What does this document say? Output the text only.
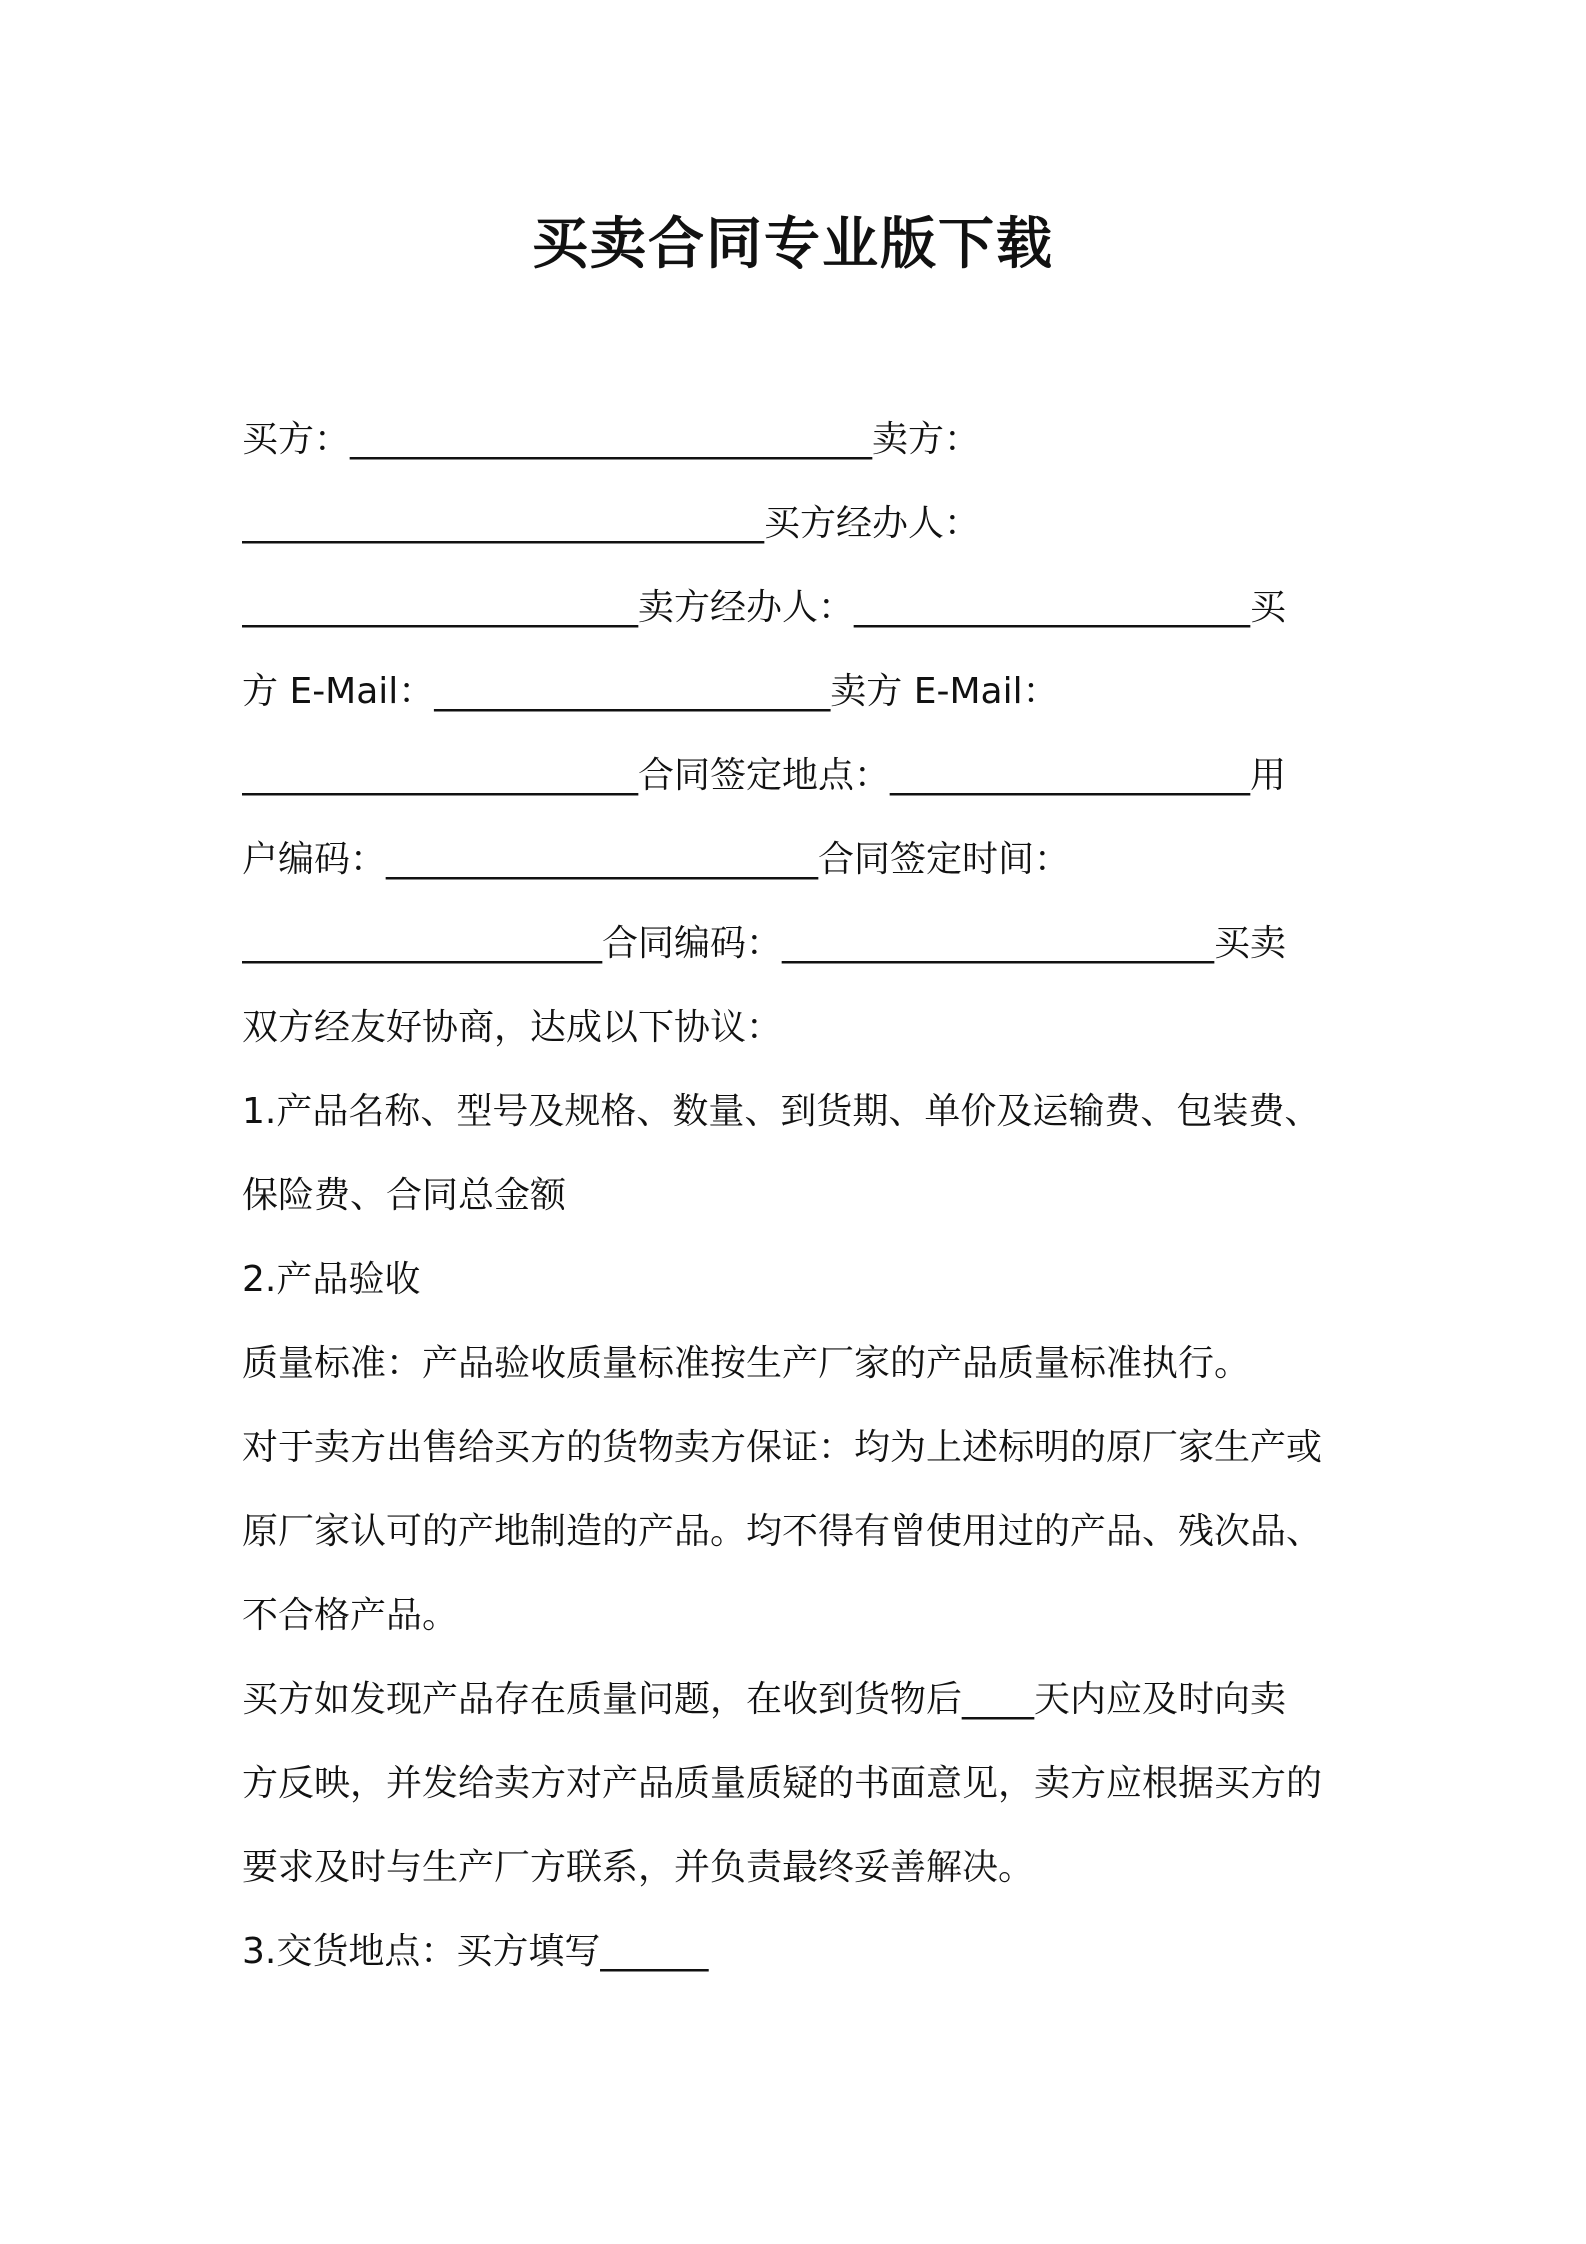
买卖合同专业版下载
买方：_____________________________卖方：
_____________________________买方经办人：
______________________卖方经办人：______________________买
方 E-Mail：______________________卖方 E-Mail：
______________________合同签定地点：____________________用
户编码：________________________合同签定时间：
____________________合同编码：________________________买卖
双方经友好协商，达成以下协议：
1.产品名称、型号及规格、数量、到货期、单价及运输费、包装费、
保险费、合同总金额
2.产品验收
质量标准：产品验收质量标准按生产厂家的产品质量标准执行。
对于卖方出售给买方的货物卖方保证：均为上述标明的原厂家生产或
原厂家认可的产地制造的产品。均不得有曾使用过的产品、残次品、
不合格产品。
买方如发现产品存在质量问题，在收到货物后____天内应及时向卖
方反映，并发给卖方对产品质量质疑的书面意见，卖方应根据买方的
要求及时与生产厂方联系，并负责最终妥善解决。
3.交货地点：买方填写______
